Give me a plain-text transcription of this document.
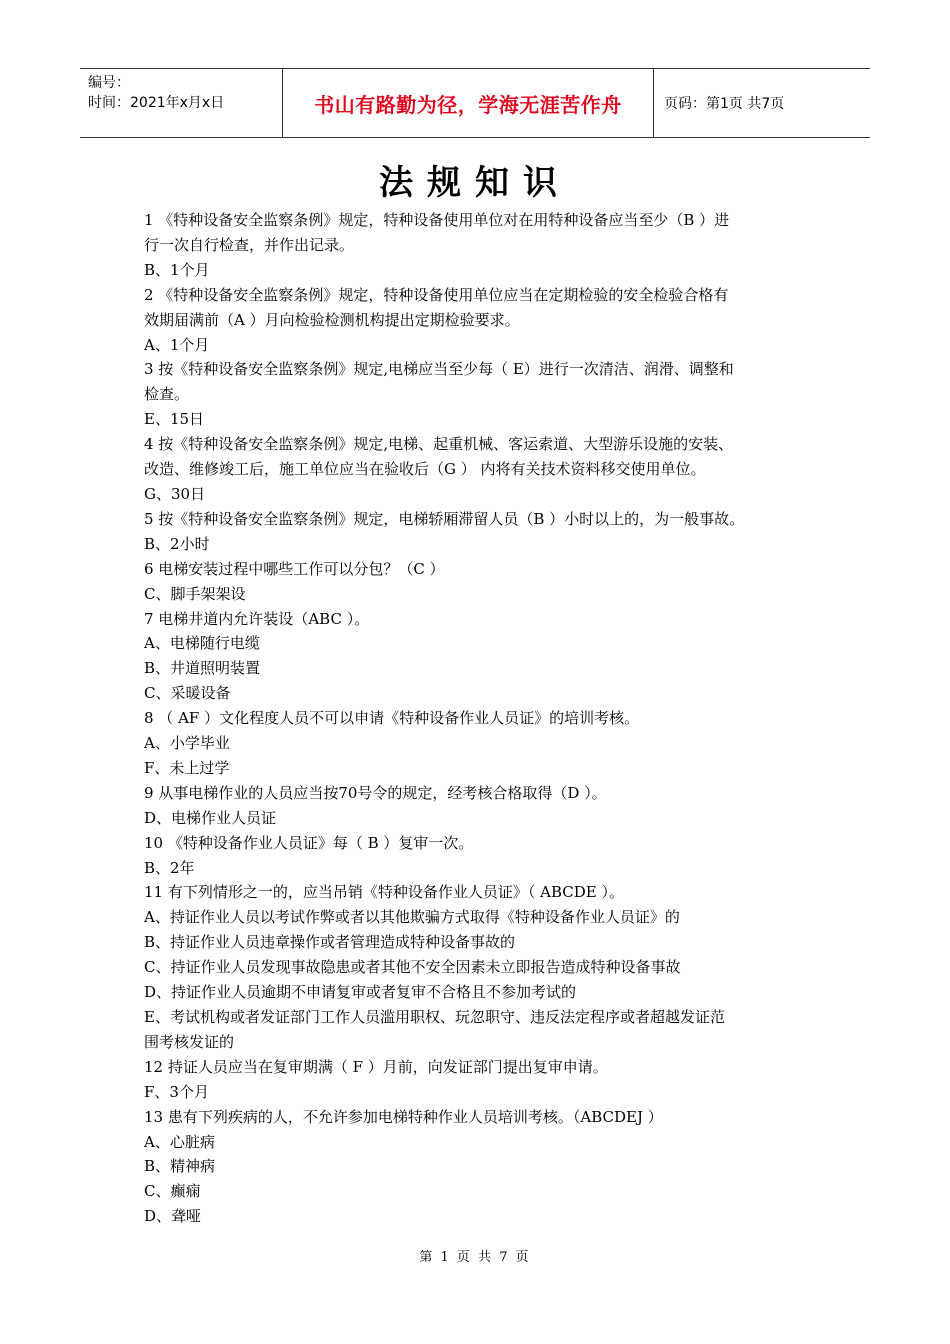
编号：
时间：2021年x月x日	书山有路勤为径，学海无涯苦作舟	页码：第1页 共7页
法规知识
1 《特种设备安全监察条例》规定，特种设备使用单位对在用特种设备应当至少（B ）进
行一次自行检查，并作出记录。
B、1个月
2 《特种设备安全监察条例》规定，特种设备使用单位应当在定期检验的安全检验合格有
效期届满前（A ）月向检验检测机构提出定期检验要求。
A、1个月
3 按《特种设备安全监察条例》规定,电梯应当至少每（ E）进行一次清洁、润滑、调整和
检查。
E、15日
4 按《特种设备安全监察条例》规定,电梯、起重机械、客运索道、大型游乐设施的安装、
改造、维修竣工后，施工单位应当在验收后（G ） 内将有关技术资料移交使用单位。
G、30日
5 按《特种设备安全监察条例》规定，电梯轿厢滞留人员（B ）小时以上的，为一般事故。
B、2小时
6 电梯安装过程中哪些工作可以分包？（C ）
C、脚手架架设
7 电梯井道内允许装设（ABC ）。
A、电梯随行电缆
B、井道照明装置
C、采暖设备
8 （ AF ）文化程度人员不可以申请《特种设备作业人员证》的培训考核。
A、小学毕业
F、未上过学
9 从事电梯作业的人员应当按70号令的规定，经考核合格取得（D ）。
D、电梯作业人员证
10 《特种设备作业人员证》每（ B ）复审一次。
B、2年
11 有下列情形之一的，应当吊销《特种设备作业人员证》（ ABCDE ）。
A、持证作业人员以考试作弊或者以其他欺骗方式取得《特种设备作业人员证》的
B、持证作业人员违章操作或者管理造成特种设备事故的
C、持证作业人员发现事故隐患或者其他不安全因素未立即报告造成特种设备事故
D、持证作业人员逾期不申请复审或者复审不合格且不参加考试的
E、考试机构或者发证部门工作人员滥用职权、玩忽职守、违反法定程序或者超越发证范
围考核发证的
12 持证人员应当在复审期满（ F ）月前，向发证部门提出复审申请。
F、3个月
13 患有下列疾病的人，不允许参加电梯特种作业人员培训考核。（ABCDEJ ）
A、心脏病
B、精神病
C、癫痫
D、聋哑
第 1 页 共 7 页
